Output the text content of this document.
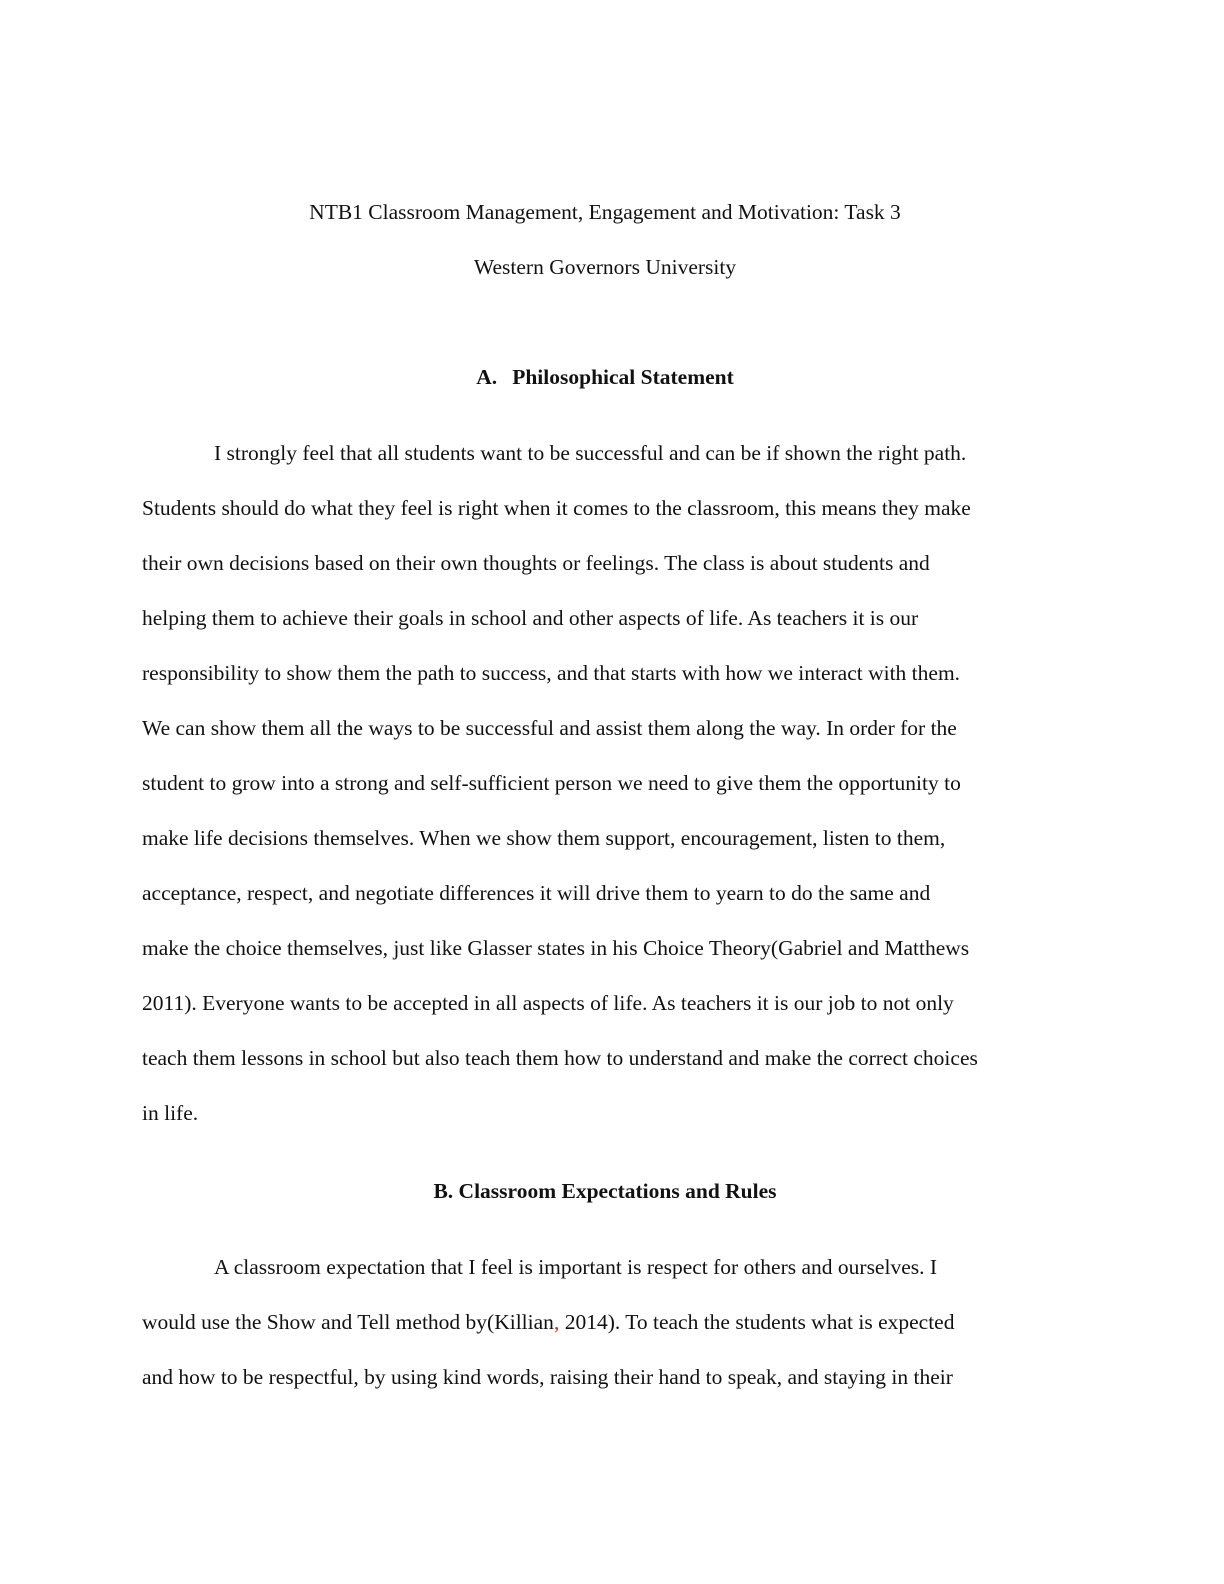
NTB1 Classroom Management, Engagement and Motivation: Task 3
Western Governors University
A. Philosophical Statement
I strongly feel that all students want to be successful and can be if shown the right path.
Students should do what they feel is right when it comes to the classroom, this means they make
their own decisions based on their own thoughts or feelings. The class is about students and
helping them to achieve their goals in school and other aspects of life. As teachers it is our
responsibility to show them the path to success, and that starts with how we interact with them.
We can show them all the ways to be successful and assist them along the way. In order for the
student to grow into a strong and self-sufficient person we need to give them the opportunity to
make life decisions themselves. When we show them support, encouragement, listen to them,
acceptance, respect, and negotiate differences it will drive them to yearn to do the same and
make the choice themselves, just like Glasser states in his Choice Theory(Gabriel and Matthews
2011). Everyone wants to be accepted in all aspects of life. As teachers it is our job to not only
teach them lessons in school but also teach them how to understand and make the correct choices
in life.
B. Classroom Expectations and Rules
A classroom expectation that I feel is important is respect for others and ourselves. I
would use the Show and Tell method by(Killian, 2014). To teach the students what is expected
and how to be respectful, by using kind words, raising their hand to speak, and staying in their
